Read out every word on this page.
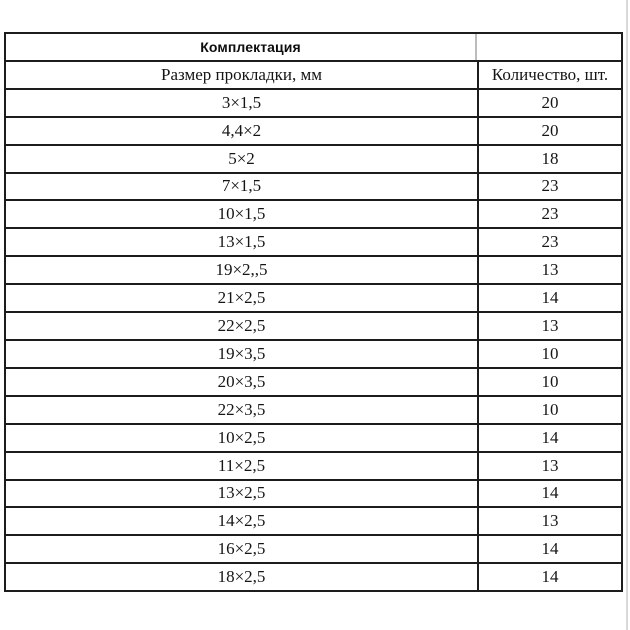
Комплектация
Размер прокладки, мм	Количество, шт.
3×1,5	20
4,4×2	20
5×2	18
7×1,5	23
10×1,5	23
13×1,5	23
19×2,,5	13
21×2,5	14
22×2,5	13
19×3,5	10
20×3,5	10
22×3,5	10
10×2,5	14
11×2,5	13
13×2,5	14
14×2,5	13
16×2,5	14
18×2,5	14
